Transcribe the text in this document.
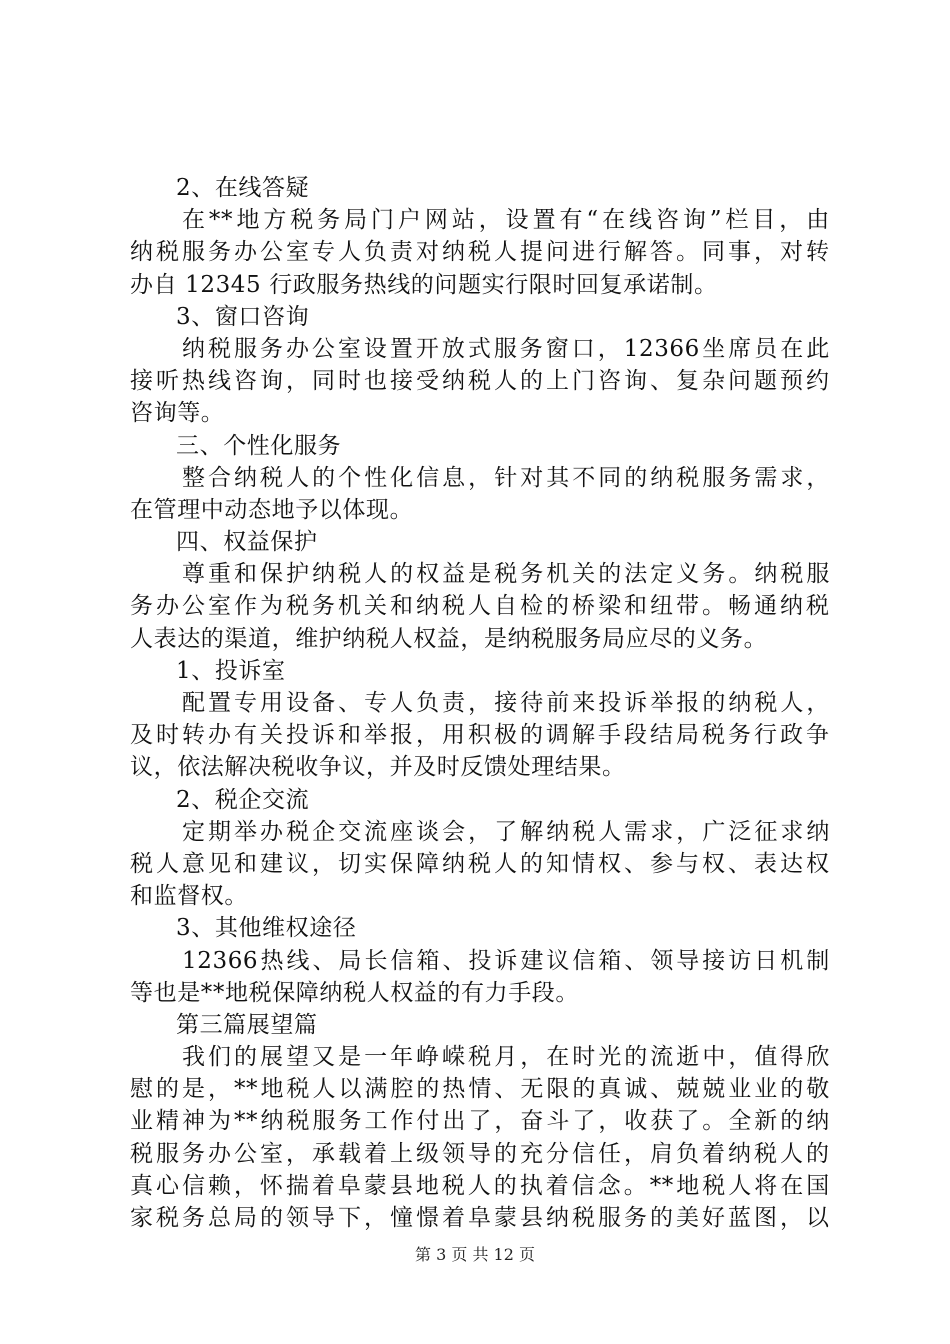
2、在线答疑
在 ** 地 方 税 务 局 门 户 网 站 ， 设 置 有 “ 在 线 咨 询 ” 栏 目 ， 由
纳 税 服 务 办 公 室 专 人 负 责 对 纳 税 人 提 问 进 行 解 答 。 同 事 ， 对 转
办自 12345 行政服务热线的问题实行限时回复承诺制。
3、窗口咨询
纳 税 服 务 办 公 室 设 置 开 放 式 服 务 窗 口 ， 12366 坐 席 员 在 此
接 听 热 线 咨 询 ， 同 时 也 接 受 纳 税 人 的 上 门 咨 询 、 复 杂 问 题 预 约
咨询等。
三、个性化服务
整 合 纳 税 人 的 个 性 化 信 息 ， 针 对 其 不 同 的 纳 税 服 务 需 求 ，
在管理中动态地予以体现。
四、权益保护
尊 重 和 保 护 纳 税 人 的 权 益 是 税 务 机 关 的 法 定 义 务 。 纳 税 服
务 办 公 室 作 为 税 务 机 关 和 纳 税 人 自 检 的 桥 梁 和 纽 带 。 畅 通 纳 税
人表达的渠道，维护纳税人权益，是纳税服务局应尽的义务。
1、投诉室
配 置 专 用 设 备 、 专 人 负 责 ， 接 待 前 来 投 诉 举 报 的 纳 税 人 ，
及 时 转 办 有 关 投 诉 和 举 报 ， 用 积 极 的 调 解 手 段 结 局 税 务 行 政 争
议，依法解决税收争议，并及时反馈处理结果。
2、税企交流
定 期 举 办 税 企 交 流 座 谈 会 ， 了 解 纳 税 人 需 求 ， 广 泛 征 求 纳
税 人 意 见 和 建 议 ， 切 实 保 障 纳 税 人 的 知 情 权 、 参 与 权 、 表 达 权
和监督权。
3、其他维权途径
12366 热 线 、 局 长 信 箱 、 投 诉 建 议 信 箱 、 领 导 接 访 日 机 制
等也是**地税保障纳税人权益的有力手段。
第三篇展望篇
我 们 的 展 望 又 是 一 年 峥 嵘 税 月 ， 在 时 光 的 流 逝 中 ， 值 得 欣
慰 的 是 ， ** 地 税 人 以 满 腔 的 热 情 、 无 限 的 真 诚 、 兢 兢 业 业 的 敬
业 精 神 为 ** 纳 税 服 务 工 作 付 出 了 ， 奋 斗 了 ， 收 获 了 。 全 新 的 纳
税 服 务 办 公 室 ， 承 载 着 上 级 领 导 的 充 分 信 任 ， 肩 负 着 纳 税 人 的
真 心 信 赖 ， 怀 揣 着 阜 蒙 县 地 税 人 的 执 着 信 念 。 ** 地 税 人 将 在 国
家 税 务 总 局 的 领 导 下 ， 憧 憬 着 阜 蒙 县 纳 税 服 务 的 美 好 蓝 图 ， 以
第 3 页 共 12 页
